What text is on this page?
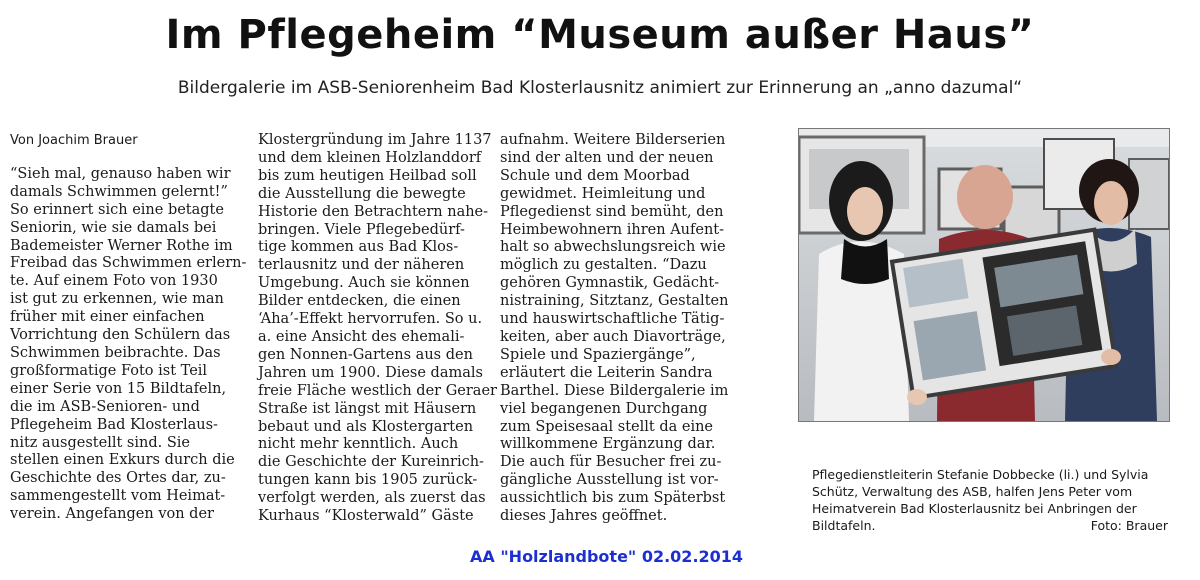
Im Pflegeheim “Museum außer Haus”
Bildergalerie im ASB-Seniorenheim Bad Klosterlausnitz animiert zur Erinnerung an „anno dazumal“
Von Joachim Brauer
“Sieh mal, genauso haben wir
damals Schwimmen gelernt!”
So erinnert sich eine betagte
Seniorin, wie sie damals bei
Bademeister Werner Rothe im
Freibad das Schwimmen erlern-
te. Auf einem Foto von 1930
ist gut zu erkennen, wie man
früher mit einer einfachen
Vorrichtung den Schülern das
Schwimmen beibrachte. Das
großformatige Foto ist Teil
einer Serie von 15 Bildtafeln,
die im ASB-Senioren- und
Pflegeheim Bad Klosterlaus-
nitz ausgestellt sind. Sie
stellen einen Exkurs durch die
Geschichte des Ortes dar, zu-
sammengestellt vom Heimat-
verein. Angefangen von der
Klostergründung im Jahre 1137
und dem kleinen Holzlanddorf
bis zum heutigen Heilbad soll
die Ausstellung die bewegte
Historie den Betrachtern nahe-
bringen. Viele Pflegebedürf-
tige kommen aus Bad Klos-
terlausnitz und der näheren
Umgebung. Auch sie können
Bilder entdecken, die einen
‘Aha’-Effekt hervorrufen. So u.
a. eine Ansicht des ehemali-
gen Nonnen-Gartens aus den
Jahren um 1900. Diese damals
freie Fläche westlich der Geraer
Straße ist längst mit Häusern
bebaut und als Klostergarten
nicht mehr kenntlich. Auch
die Geschichte der Kureinrich-
tungen kann bis 1905 zurück-
verfolgt werden, als zuerst das
Kurhaus “Klosterwald” Gäste
aufnahm. Weitere Bilderserien
sind der alten und der neuen
Schule und dem Moorbad
gewidmet. Heimleitung und
Pflegedienst sind bemüht, den
Heimbewohnern ihren Aufent-
halt so abwechslungsreich wie
möglich zu gestalten. “Dazu
gehören Gymnastik, Gedächt-
nistraining, Sitztanz, Gestalten
und hauswirtschaftliche Tätig-
keiten, aber auch Diavorträge,
Spiele und Spaziergänge”,
erläutert die Leiterin Sandra
Barthel. Diese Bildergalerie im
viel begangenen Durchgang
zum Speisesaal stellt da eine
willkommene Ergänzung dar.
Die auch für Besucher frei zu-
gängliche Ausstellung ist vor-
aussichtlich bis zum Späterbst
dieses Jahres geöffnet.
Pflegedienstleiterin Stefanie Dobbecke (li.) und Sylvia
Schütz, Verwaltung des ASB, halfen Jens Peter vom
Heimatverein Bad Klosterlausnitz bei Anbringen der
Bildtafeln.	Foto: Brauer
AA "Holzlandbote" 02.02.2014
